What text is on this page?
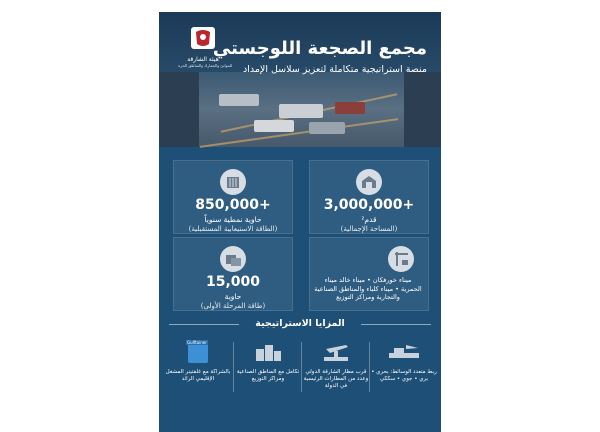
هيئة الشارقة
للموانئ والجمارك والمناطق الحرة
مجمع الصجعة اللوجستي
منصة استراتيجية متكاملة لتعزيز سلاسل الإمداد
850,000+
حاوية نمطية سنوياً
(الطاقة الاستيعابية المستقبلية)
3,000,000+
قدم²
(المساحة الإجمالية)
15,000
حاوية
(طاقة المرحلة الأولى)
ميناء خورفكان • ميناء خالد ميناء الحمرية • ميناء كلباء والمناطق الصناعية والتجارية ومراكز التوزيع
المزايا الاستراتيجية
ربط متعدد الوسائط: بحري • بري • جوي • سككي
قرب مطار الشارقة الدولي وعدد من المطارات الرئيسية في الدولة
تكامل مع المناطق الصناعية ومراكز التوزيع
Gulftainer
بالشراكة مع غلفتينر المشغل الإقليمي الرائد
